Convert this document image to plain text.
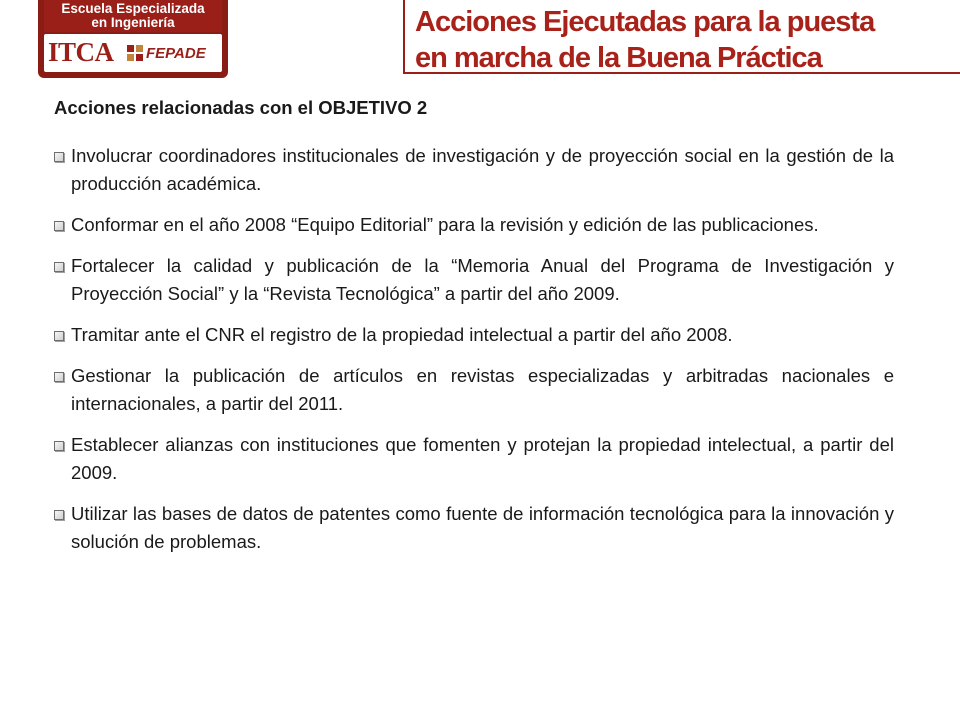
Escuela Especializada
en Ingeniería
ITCA FEPADE
Acciones Ejecutadas para la puesta
en marcha de la Buena Práctica
Acciones relacionadas con el OBJETIVO 2
Involucrar coordinadores institucionales de investigación y de proyección social en la gestión de la producción académica.
Conformar en el año 2008 “Equipo Editorial” para la revisión y edición de las publicaciones.
Fortalecer la calidad y publicación de la “Memoria Anual del Programa de Investigación y Proyección Social” y la “Revista Tecnológica” a partir del año 2009.
Tramitar ante el CNR el registro de la propiedad intelectual a partir del año 2008.
Gestionar la publicación de artículos en revistas especializadas y arbitradas nacionales e internacionales, a partir del 2011.
Establecer alianzas con instituciones que fomenten y protejan la propiedad intelectual, a partir del 2009.
Utilizar las bases de datos de patentes como fuente de información tecnológica para la innovación y solución de problemas.
